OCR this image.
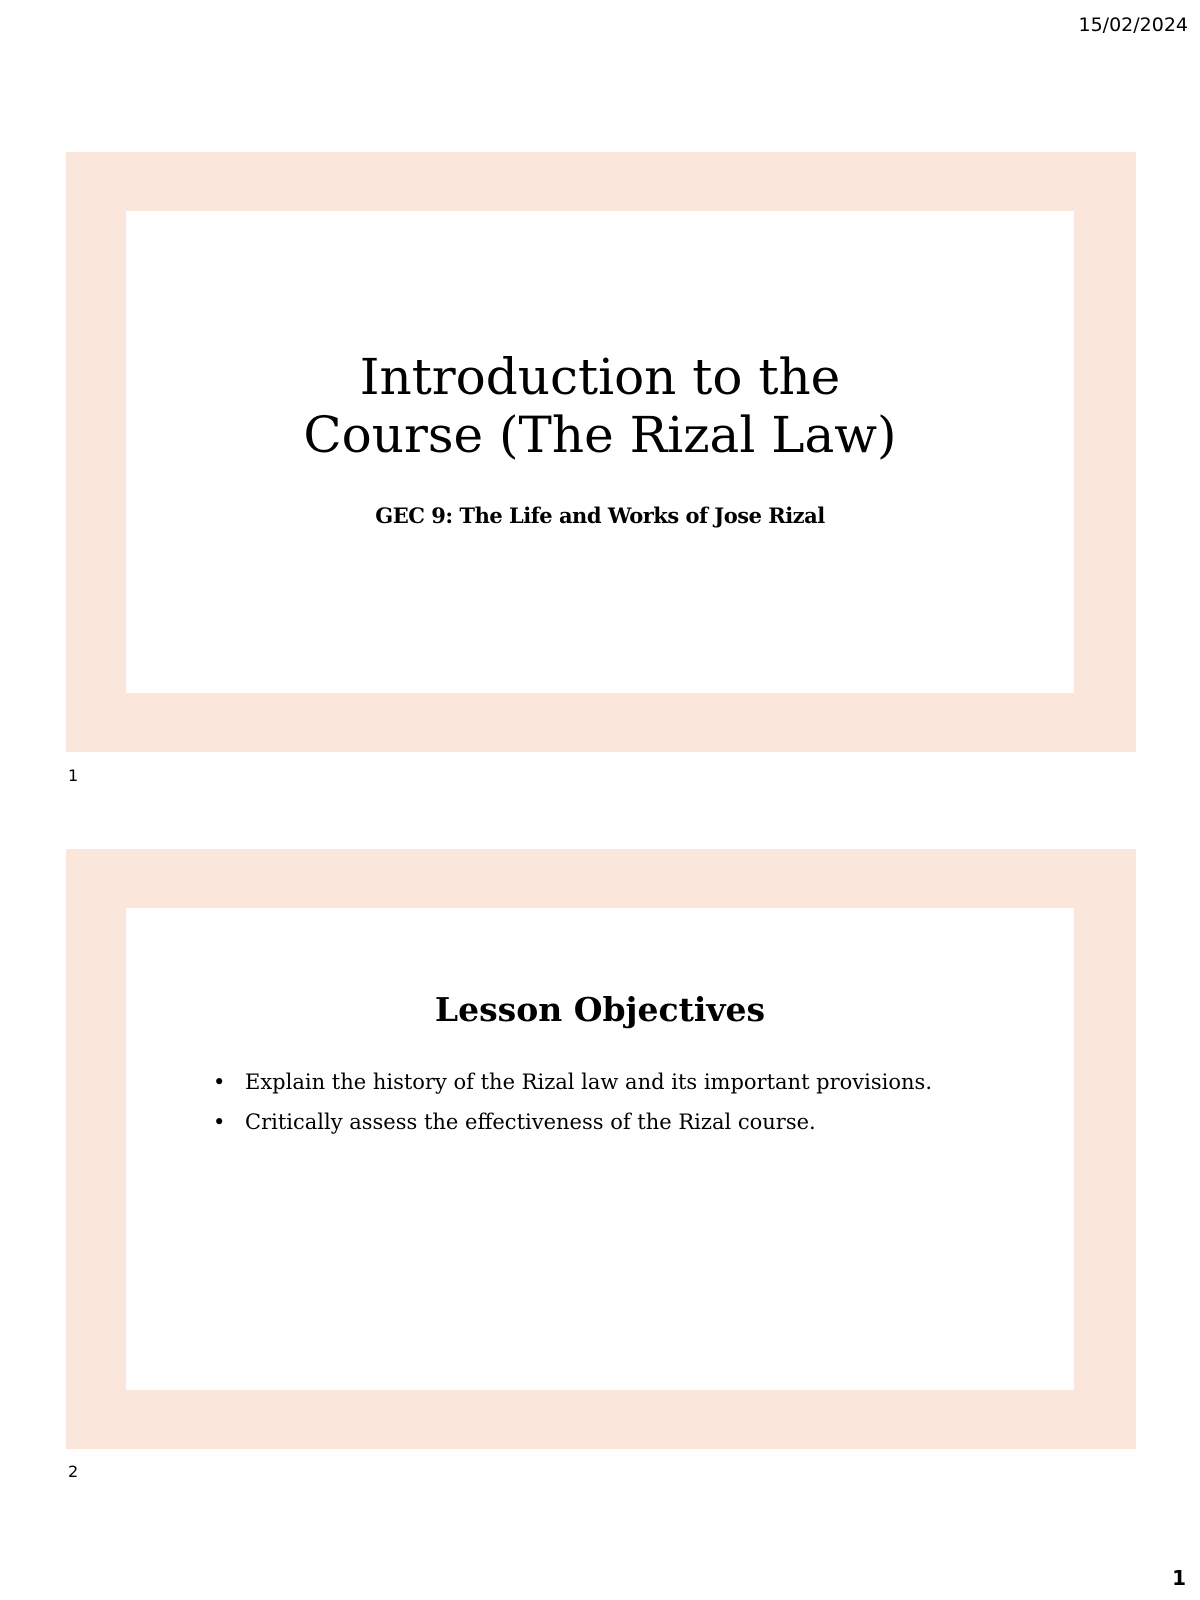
15/02/2024
Introduction to the
Course (The Rizal Law)
GEC 9: The Life and Works of Jose Rizal
1
Lesson Objectives
• Explain the history of the Rizal law and its important provisions.
• Critically assess the effectiveness of the Rizal course.
2
1
